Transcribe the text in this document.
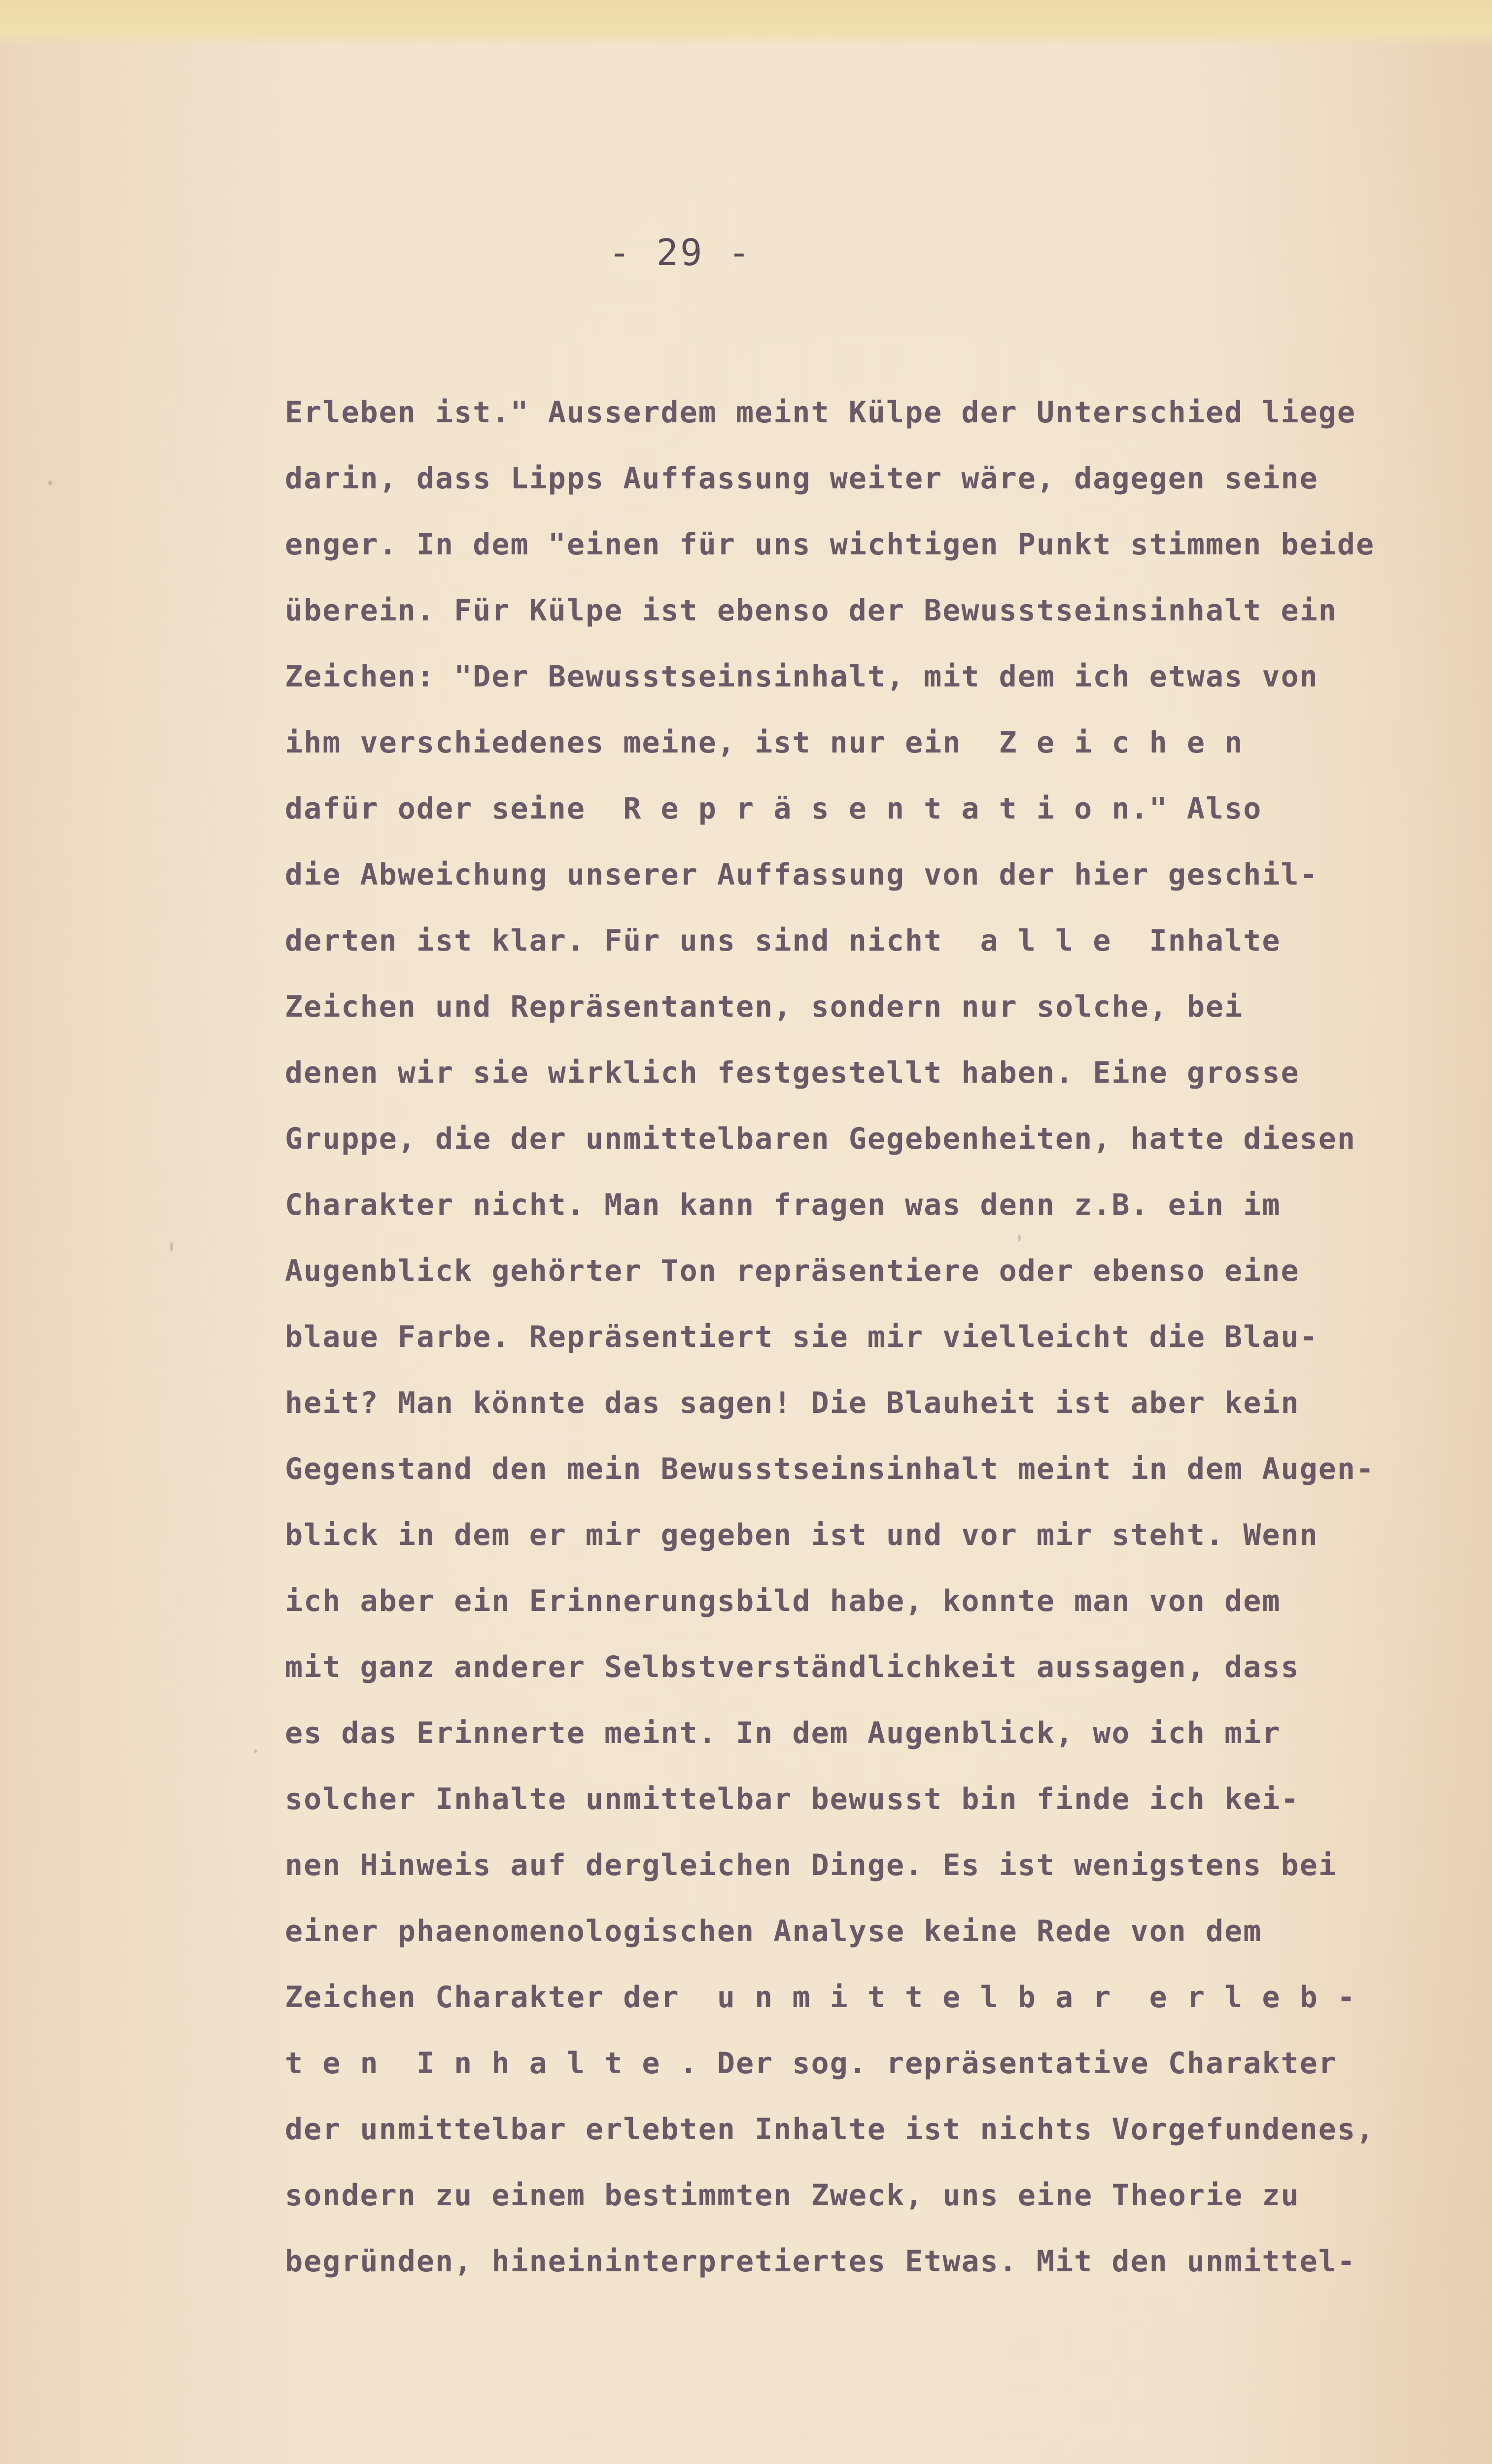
- 29 -
Erleben ist." Ausserdem meint Külpe der Unterschied liege
darin, dass Lipps Auffassung weiter wäre, dagegen seine
enger. In dem "einen für uns wichtigen Punkt stimmen beide
überein. Für Külpe ist ebenso der Bewusstseinsinhalt ein
Zeichen: "Der Bewusstseinsinhalt, mit dem ich etwas von
ihm verschiedenes meine, ist nur ein  Z e i c h e n
dafür oder seine  R e p r ä s e n t a t i o n." Also
die Abweichung unserer Auffassung von der hier geschil-
derten ist klar. Für uns sind nicht  a l l e  Inhalte
Zeichen und Repräsentanten, sondern nur solche, bei
denen wir sie wirklich festgestellt haben. Eine grosse
Gruppe, die der unmittelbaren Gegebenheiten, hatte diesen
Charakter nicht. Man kann fragen was denn z.B. ein im
Augenblick gehörter Ton repräsentiere oder ebenso eine
blaue Farbe. Repräsentiert sie mir vielleicht die Blau-
heit? Man könnte das sagen! Die Blauheit ist aber kein
Gegenstand den mein Bewusstseinsinhalt meint in dem Augen-
blick in dem er mir gegeben ist und vor mir steht. Wenn
ich aber ein Erinnerungsbild habe, konnte man von dem
mit ganz anderer Selbstverständlichkeit aussagen, dass
es das Erinnerte meint. In dem Augenblick, wo ich mir
solcher Inhalte unmittelbar bewusst bin finde ich kei-
nen Hinweis auf dergleichen Dinge. Es ist wenigstens bei
einer phaenomenologischen Analyse keine Rede von dem
Zeichen Charakter der  u n m i t t e l b a r  e r l e b -
t e n  I n h a l t e . Der sog. repräsentative Charakter
der unmittelbar erlebten Inhalte ist nichts Vorgefundenes,
sondern zu einem bestimmten Zweck, uns eine Theorie zu
begründen, hineininterpretiertes Etwas. Mit den unmittel-
